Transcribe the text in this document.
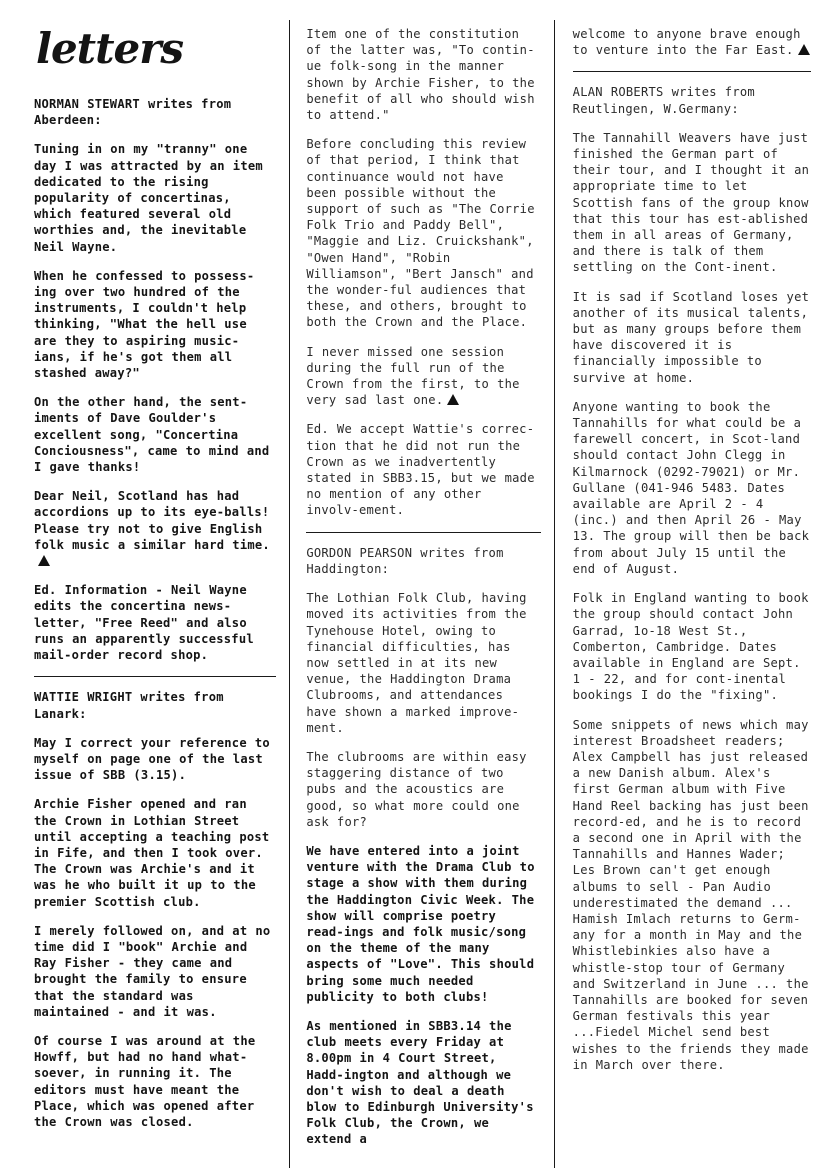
letters

NORMAN STEWART writes from
Aberdeen:

Tuning in on my "tranny" one day I was attracted by an item dedicated to the rising popularity of concertinas, which featured several old worthies and, the inevitable Neil Wayne.

When he confessed to possess-ing over two hundred of the instruments, I couldn't help thinking, "What the hell use are they to aspiring music-ians, if he's got them all stashed away?"

On the other hand, the sent-iments of Dave Goulder's excellent song, "Concertina Conciousness", came to mind and I gave thanks!

Dear Neil, Scotland has had accordions up to its eye-balls! Please try not to give English folk music a similar hard time.

Ed. Information - Neil Wayne edits the concertina news-letter, "Free Reed" and also runs an apparently successful mail-order record shop.

WATTIE WRIGHT writes from
Lanark:

May I correct your reference to myself on page one of the last issue of SBB (3.15).

Archie Fisher opened and ran the Crown in Lothian Street until accepting a teaching post in Fife, and then I took over. The Crown was Archie's and it was he who built it up to the premier Scottish club.

I merely followed on, and at no time did I "book" Archie and Ray Fisher - they came and brought the family to ensure that the standard was maintained - and it was.

Of course I was around at the Howff, but had no hand what-soever, in running it. The editors must have meant the Place, which was opened after the Crown was closed.

Item one of the constitution of the latter was, "To contin-ue folk-song in the manner shown by Archie Fisher, to the benefit of all who should wish to attend."

Before concluding this review of that period, I think that continuance would not have been possible without the support of such as "The Corrie Folk Trio and Paddy Bell", "Maggie and Liz. Cruickshank", "Owen Hand", "Robin Williamson", "Bert Jansch" and the wonder-ful audiences that these, and others, brought to both the Crown and the Place.

I never missed one session during the full run of the Crown from the first, to the very sad last one.

Ed. We accept Wattie's correc-tion that he did not run the Crown as we inadvertently stated in SBB3.15, but we made no mention of any other involv-ement.

GORDON PEARSON writes from
Haddington:

The Lothian Folk Club, having moved its activities from the Tynehouse Hotel, owing to financial difficulties, has now settled in at its new venue, the Haddington Drama Clubrooms, and attendances have shown a marked improve-ment.

The clubrooms are within easy staggering distance of two pubs and the acoustics are good, so what more could one ask for?

We have entered into a joint venture with the Drama Club to stage a show with them during the Haddington Civic Week. The show will comprise poetry read-ings and folk music/song on the theme of the many aspects of "Love". This should bring some much needed publicity to both clubs!

As mentioned in SBB3.14 the club meets every Friday at 8.00pm in 4 Court Street, Hadd-ington and although we don't wish to deal a death blow to Edinburgh University's Folk Club, the Crown, we extend a

welcome to anyone brave enough to venture into the Far East.

ALAN ROBERTS writes from
Reutlingen, W.Germany:

The Tannahill Weavers have just finished the German part of their tour, and I thought it an appropriate time to let Scottish fans of the group know that this tour has est-ablished them in all areas of Germany, and there is talk of them settling on the Cont-inent.

It is sad if Scotland loses yet another of its musical talents, but as many groups before them have discovered it is financially impossible to survive at home.

Anyone wanting to book the Tannahills for what could be a farewell concert, in Scot-land should contact John Clegg in Kilmarnock (0292-79021) or Mr. Gullane (041-946 5483. Dates available are April 2 - 4 (inc.) and then April 26 - May 13. The group will then be back from about July 15 until the end of August.

Folk in England wanting to book the group should contact John Garrad, 1o-18 West St., Comberton, Cambridge. Dates available in England are Sept. 1 - 22, and for cont-inental bookings I do the "fixing".

Some snippets of news which may interest Broadsheet readers; Alex Campbell has just released a new Danish album. Alex's first German album with Five Hand Reel backing has just been record-ed, and he is to record a second one in April with the Tannahills and Hannes Wader; Les Brown can't get enough albums to sell - Pan Audio underestimated the demand ... Hamish Imlach returns to Germ-any for a month in May and the Whistlebinkies also have a whistle-stop tour of Germany and Switzerland in June ... the Tannahills are booked for seven German festivals this year ...Fiedel Michel send best wishes to the friends they made in March over there.
